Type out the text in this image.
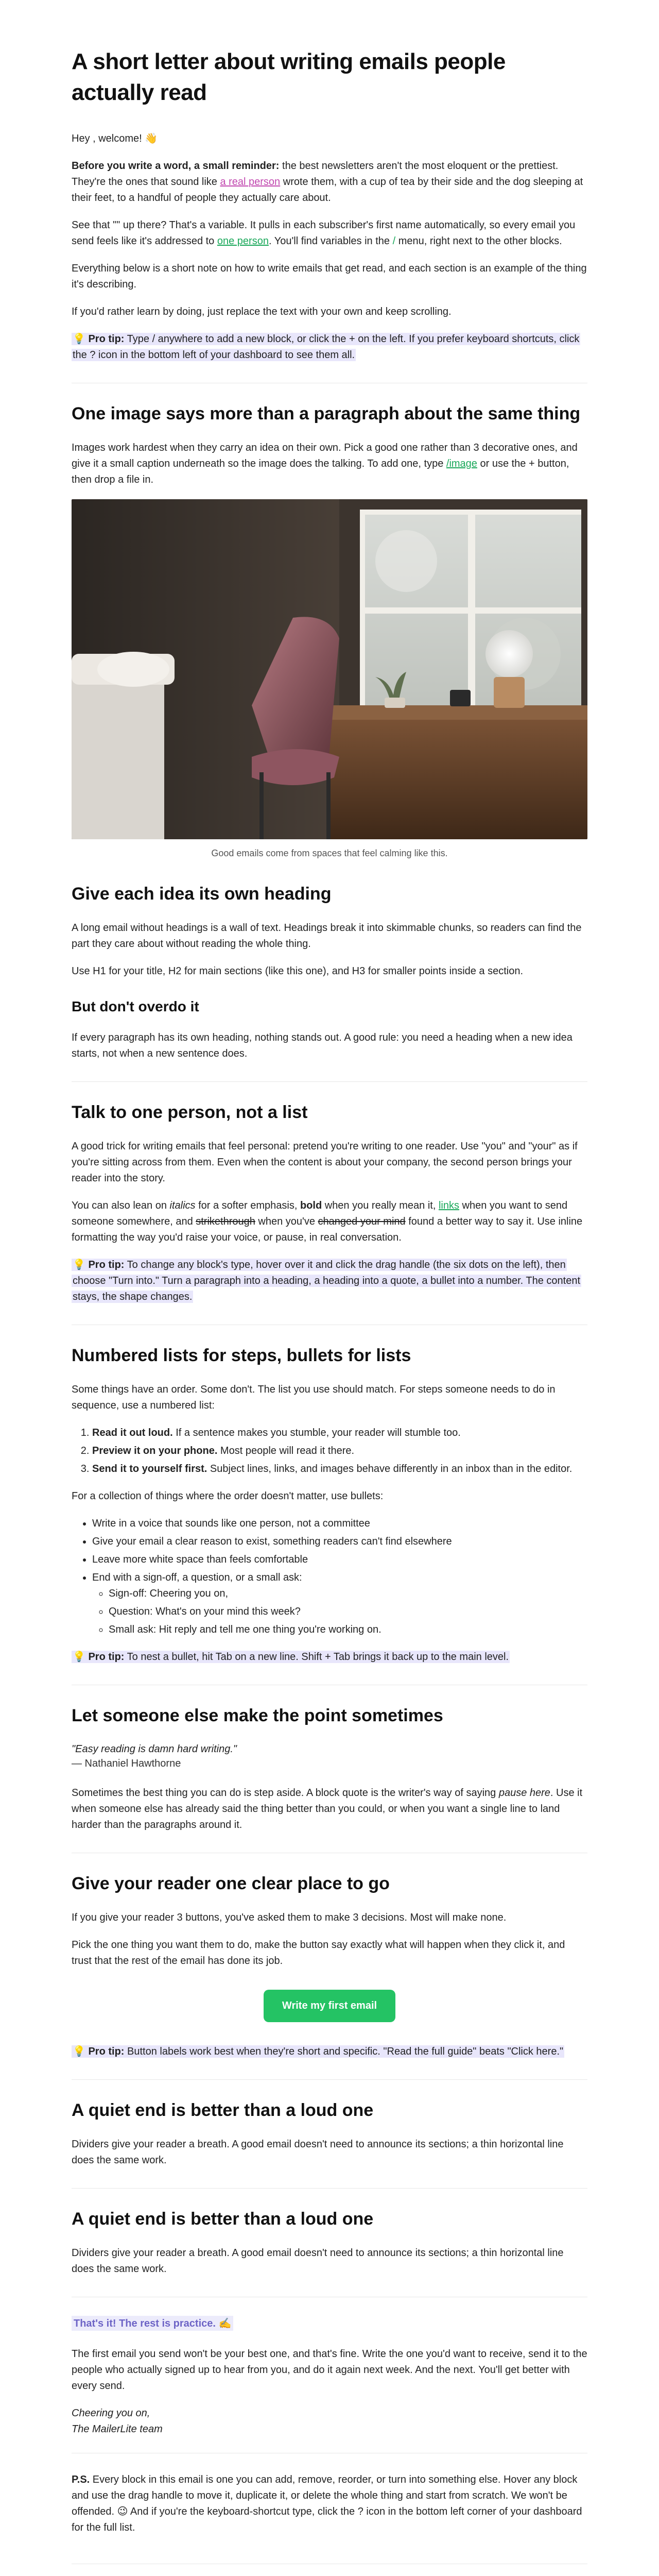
A short letter about writing emails people actually read

Hey , welcome! 👋

Before you write a word, a small reminder: the best newsletters aren't the most eloquent or the prettiest. They're the ones that sound like a real person wrote them, with a cup of tea by their side and the dog sleeping at their feet, to a handful of people they actually care about.

See that "" up there? That's a variable. It pulls in each subscriber's first name automatically, so every email you send feels like it's addressed to one person. You'll find variables in the / menu, right next to the other blocks.

Everything below is a short note on how to write emails that get read, and each section is an example of the thing it's describing.

If you'd rather learn by doing, just replace the text with your own and keep scrolling.

💡 Pro tip: Type / anywhere to add a new block, or click the + on the left. If you prefer keyboard shortcuts, click the ? icon in the bottom left of your dashboard to see them all.

One image says more than a paragraph about the same thing

Images work hardest when they carry an idea on their own. Pick a good one rather than 3 decorative ones, and give it a small caption underneath so the image does the talking. To add one, type /image or use the + button, then drop a file in.

Good emails come from spaces that feel calming like this.

Give each idea its own heading

A long email without headings is a wall of text. Headings break it into skimmable chunks, so readers can find the part they care about without reading the whole thing.

Use H1 for your title, H2 for main sections (like this one), and H3 for smaller points inside a section.

But don't overdo it

If every paragraph has its own heading, nothing stands out. A good rule: you need a heading when a new idea starts, not when a new sentence does.

Talk to one person, not a list

A good trick for writing emails that feel personal: pretend you're writing to one reader. Use "you" and "your" as if you're sitting across from them. Even when the content is about your company, the second person brings your reader into the story.

You can also lean on italics for a softer emphasis, bold when you really mean it, links when you want to send someone somewhere, and strikethrough when you've changed your mind found a better way to say it. Use inline formatting the way you'd raise your voice, or pause, in real conversation.

💡 Pro tip: To change any block's type, hover over it and click the drag handle (the six dots on the left), then choose "Turn into." Turn a paragraph into a heading, a heading into a quote, a bullet into a number. The content stays, the shape changes.

Numbered lists for steps, bullets for lists

Some things have an order. Some don't. The list you use should match. For steps someone needs to do in sequence, use a numbered list:

1. Read it out loud. If a sentence makes you stumble, your reader will stumble too.
2. Preview it on your phone. Most people will read it there.
3. Send it to yourself first. Subject lines, links, and images behave differently in an inbox than in the editor.

For a collection of things where the order doesn't matter, use bullets:

• Write in a voice that sounds like one person, not a committee
• Give your email a clear reason to exist, something readers can't find elsewhere
• Leave more white space than feels comfortable
• End with a sign-off, a question, or a small ask:
◦ Sign-off: Cheering you on,
◦ Question: What's on your mind this week?
◦ Small ask: Hit reply and tell me one thing you're working on.

💡 Pro tip: To nest a bullet, hit Tab on a new line. Shift + Tab brings it back up to the main level.

Let someone else make the point sometimes
"Easy reading is damn hard writing."
— Nathaniel Hawthorne

Sometimes the best thing you can do is step aside. A block quote is the writer's way of saying pause here. Use it when someone else has already said the thing better than you could, or when you want a single line to land harder than the paragraphs around it.

Give your reader one clear place to go

If you give your reader 3 buttons, you've asked them to make 3 decisions. Most will make none.

Pick the one thing you want them to do, make the button say exactly what will happen when they click it, and trust that the rest of the email has done its job.

Write my first email

💡 Pro tip: Button labels work best when they're short and specific. "Read the full guide" beats "Click here."

A quiet end is better than a loud one

Dividers give your reader a breath. A good email doesn't need to announce its sections; a thin horizontal line does the same work.

A quiet end is better than a loud one

Dividers give your reader a breath. A good email doesn't need to announce its sections; a thin horizontal line does the same work.

That's it! The rest is practice. ✍️

The first email you send won't be your best one, and that's fine. Write the one you'd want to receive, send it to the people who actually signed up to hear from you, and do it again next week. And the next. You'll get better with every send.

Cheering you on,
The MailerLite team

P.S. Every block in this email is one you can add, remove, reorder, or turn into something else. Hover any block and use the drag handle to move it, duplicate it, or delete the whole thing and start from scratch. We won't be offended. 😉 And if you're the keyboard-shortcut type, click the ? icon in the bottom left corner of your dashboard for the full list.
